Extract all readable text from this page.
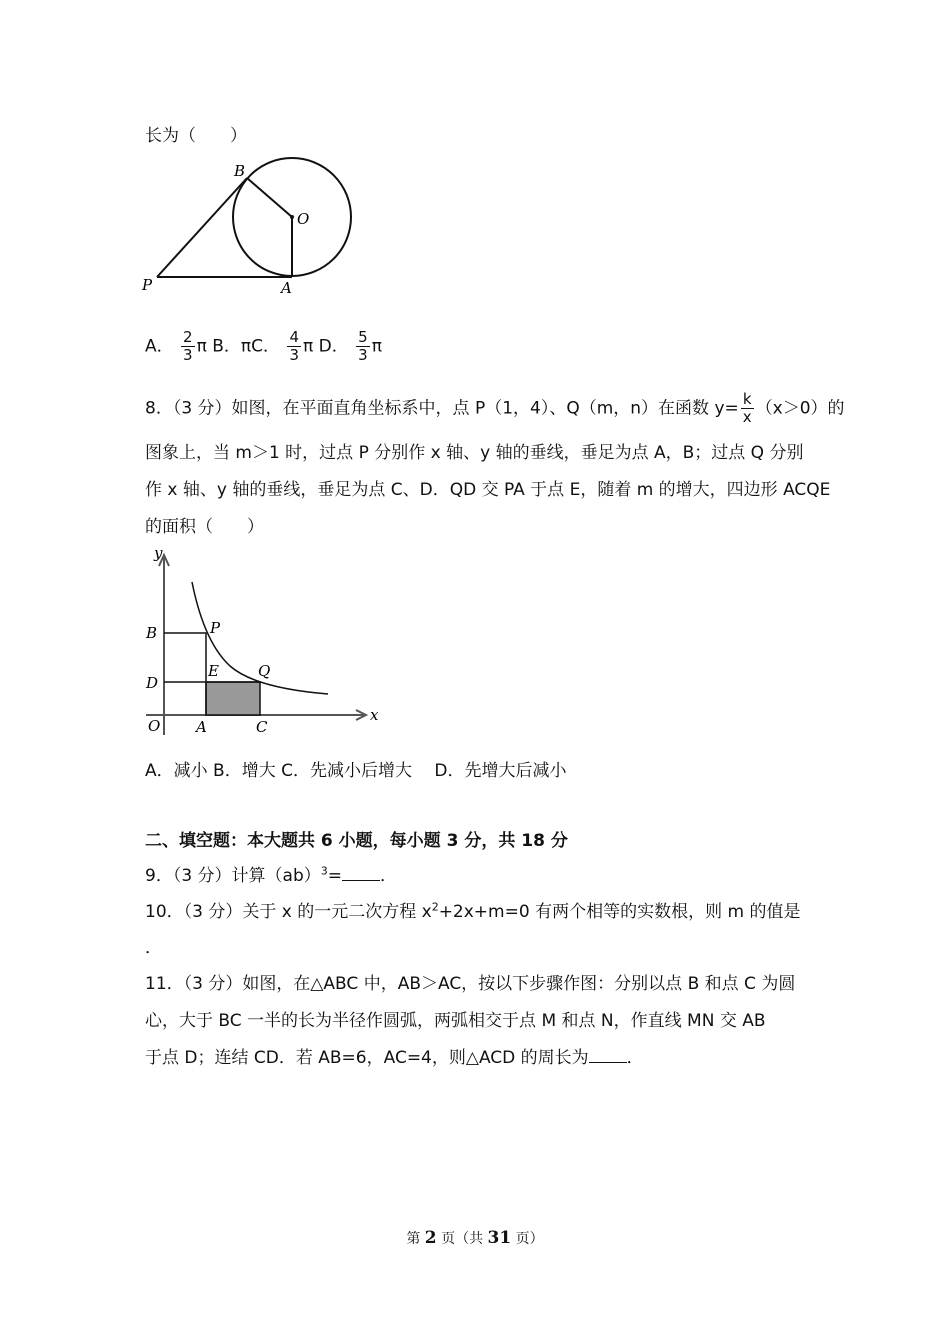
长为（　　）
B
O
P	A
A． $\frac{2}{3}$ π B．πC． $\frac{4}{3}$ π D． $\frac{5}{3}$ π
8．（3 分）如图，在平面直角坐标系中，点 P（1，4）、Q（m，n）在函数 $y= \frac{k}{x} (x>0)$的
图象上，当 m＞1 时，过点 P 分别作 x 轴、y 轴的垂线，垂足为点 A，B；过点 Q 分别
作 x 轴、y 轴的垂线，垂足为点 C、D．QD 交 PA 于点 E，随着 m 的增大，四边形 ACQE
的面积（　　）
y
x
B	P
D
E	Q
O A	C
A．减小 B．增大 C．先减小后增大　 D．先增大后减小
二、填空题：本大题共 6 小题，每小题 3 分，共 18 分
9．（3 分）计算（ab）$^3$= ．
10．（3 分）关于 x 的一元二次方程 $x^2+2x+m=0$ 有两个相等的实数根，则 m 的值是
．
11．（3 分）如图，在△ABC 中，AB＞AC，按以下步骤作图：分别以点 B 和点 C 为圆
心，大于 BC 一半的长为半径作圆弧，两弧相交于点 M 和点 N，作直线 MN 交 AB
于点 D；连结 CD．若 AB=6，AC=4，则△ACD 的周长为 ．
第 2 页（共 31 页）
